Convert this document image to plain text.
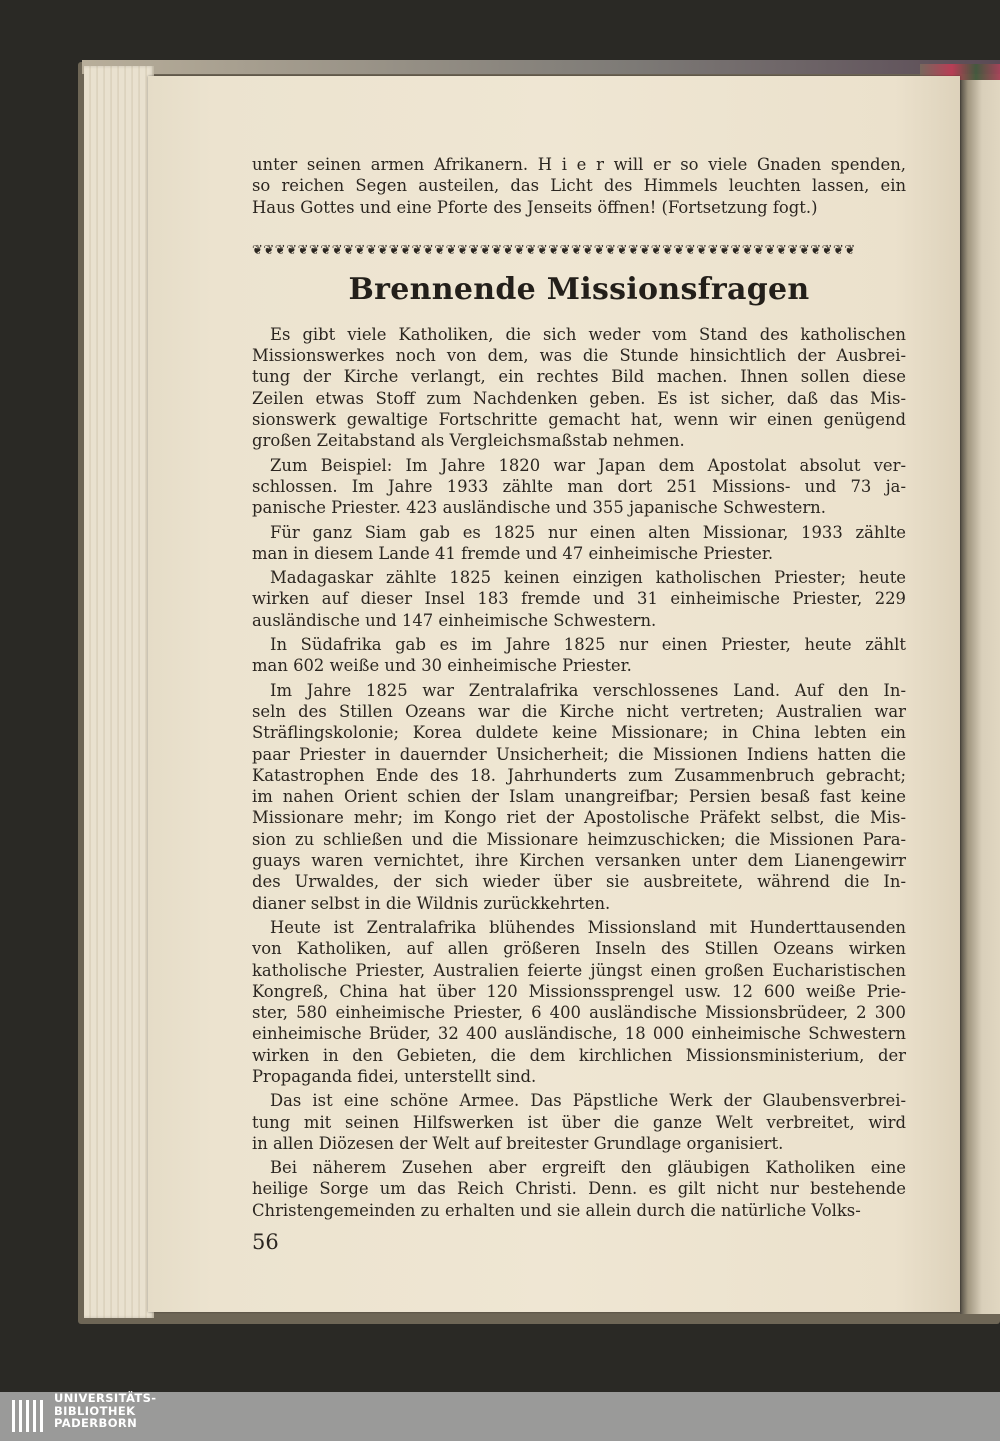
unter seinen armen Afrikanern. H i e r will er so viele Gnaden spenden,
so reichen Segen austeilen, das Licht des Himmels leuchten lassen, ein
Haus Gottes und eine Pforte des Jenseits öffnen! (Fortsetzung fogt.)
❦❦❦❦❦❦❦❦❦❦❦❦❦❦❦❦❦❦❦❦❦❦❦❦❦❦❦❦❦❦❦❦❦❦❦❦❦❦❦❦❦❦❦❦❦❦❦❦❦❦❦❦❦
Brennende Missionsfragen
Es gibt viele Katholiken, die sich weder vom Stand des katholischen
Missionswerkes noch von dem, was die Stunde hinsichtlich der Ausbrei-
tung der Kirche verlangt, ein rechtes Bild machen. Ihnen sollen diese
Zeilen etwas Stoff zum Nachdenken geben. Es ist sicher, daß das Mis-
sionswerk gewaltige Fortschritte gemacht hat, wenn wir einen genügend
großen Zeitabstand als Vergleichsmaßstab nehmen.
Zum Beispiel: Im Jahre 1820 war Japan dem Apostolat absolut ver-
schlossen. Im Jahre 1933 zählte man dort 251 Missions- und 73 ja-
panische Priester. 423 ausländische und 355 japanische Schwestern.
Für ganz Siam gab es 1825 nur einen alten Missionar, 1933 zählte
man in diesem Lande 41 fremde und 47 einheimische Priester.
Madagaskar zählte 1825 keinen einzigen katholischen Priester; heute
wirken auf dieser Insel 183 fremde und 31 einheimische Priester, 229
ausländische und 147 einheimische Schwestern.
In Südafrika gab es im Jahre 1825 nur einen Priester, heute zählt
man 602 weiße und 30 einheimische Priester.
Im Jahre 1825 war Zentralafrika verschlossenes Land. Auf den In-
seln des Stillen Ozeans war die Kirche nicht vertreten; Australien war
Sträflingskolonie; Korea duldete keine Missionare; in China lebten ein
paar Priester in dauernder Unsicherheit; die Missionen Indiens hatten die
Katastrophen Ende des 18. Jahrhunderts zum Zusammenbruch gebracht;
im nahen Orient schien der Islam unangreifbar; Persien besaß fast keine
Missionare mehr; im Kongo riet der Apostolische Präfekt selbst, die Mis-
sion zu schließen und die Missionare heimzuschicken; die Missionen Para-
guays waren vernichtet, ihre Kirchen versanken unter dem Lianengewirr
des Urwaldes, der sich wieder über sie ausbreitete, während die In-
dianer selbst in die Wildnis zurückkehrten.
Heute ist Zentralafrika blühendes Missionsland mit Hunderttausenden
von Katholiken, auf allen größeren Inseln des Stillen Ozeans wirken
katholische Priester, Australien feierte jüngst einen großen Eucharistischen
Kongreß, China hat über 120 Missionssprengel usw. 12 600 weiße Prie-
ster, 580 einheimische Priester, 6 400 ausländische Missionsbrüdeer, 2 300
einheimische Brüder, 32 400 ausländische, 18 000 einheimische Schwestern
wirken in den Gebieten, die dem kirchlichen Missionsministerium, der
Propaganda fidei, unterstellt sind.
Das ist eine schöne Armee. Das Päpstliche Werk der Glaubensverbrei-
tung mit seinen Hilfswerken ist über die ganze Welt verbreitet, wird
in allen Diözesen der Welt auf breitester Grundlage organisiert.
Bei näherem Zusehen aber ergreift den gläubigen Katholiken eine
heilige Sorge um das Reich Christi. Denn. es gilt nicht nur bestehende
Christengemeinden zu erhalten und sie allein durch die natürliche Volks-
56
UNIVERSITÄTS-
BIBLIOTHEK
PADERBORN
